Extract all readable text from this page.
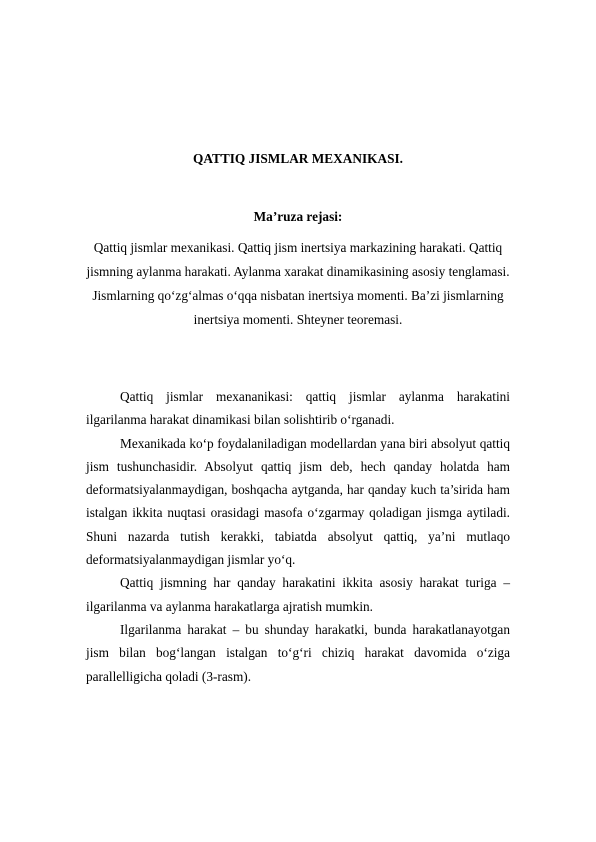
QATTIQ JISMLAR MEXANIKASI.
Ma’ruza rejasi:
Qattiq jismlar mexanikasi. Qattiq jism inertsiya markazining harakati. Qattiq jismning aylanma harakati. Aylanma xarakat dinamikasining asosiy tenglamasi. Jismlarning qo‘zg‘almas o‘qqa nisbatan inertsiya momenti. Ba’zi jismlarning inertsiya momenti. Shteyner teoremasi.

Qattiq jismlar mexananikasi: qattiq jismlar aylanma harakatini ilgarilanma harakat dinamikasi bilan solishtirib o‘rganadi.

Mexanikada ko‘p foydalaniladigan modellardan yana biri absolyut qattiq jism tushunchasidir. Absolyut qattiq jism deb, hech qanday holatda ham deformatsiyalanmaydigan, boshqacha aytganda, har qanday kuch ta’sirida ham istalgan ikkita nuqtasi orasidagi masofa o‘zgarmay qoladigan jismga aytiladi. Shuni nazarda tutish kerakki, tabiatda absolyut qattiq, ya’ni mutlaqo deformatsiyalanmaydigan jismlar yo‘q.

Qattiq jismning har qanday harakatini ikkita asosiy harakat turiga – ilgarilanma va aylanma harakatlarga ajratish mumkin.

Ilgarilanma harakat – bu shunday harakatki, bunda harakatlanayotgan jism bilan bog‘langan istalgan to‘g‘ri chiziq harakat davomida o‘ziga parallelligicha qoladi (3-rasm).
